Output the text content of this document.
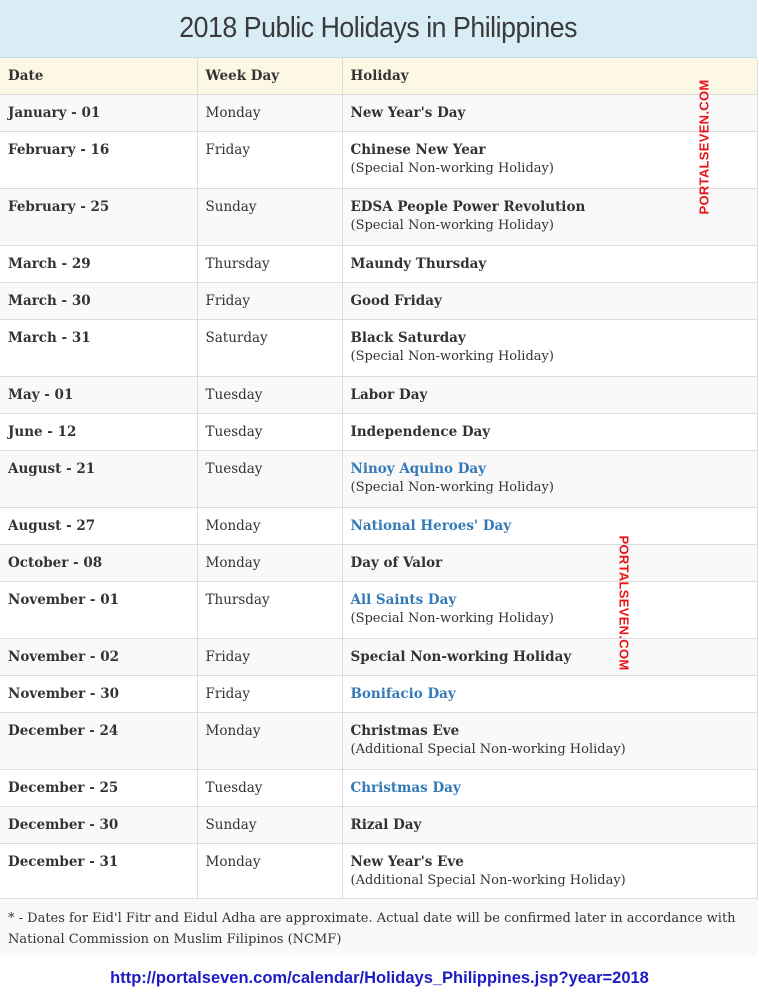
2018 Public Holidays in Philippines
Date	Week Day	Holiday
January - 01	Monday	New Year's Day

February - 16	Friday	Chinese New Year
(Special Non-working Holiday)

February - 25	Sunday	EDSA People Power Revolution
(Special Non-working Holiday)

March - 29	Thursday	Maundy Thursday

March - 30	Friday	Good Friday

March - 31	Saturday	Black Saturday
(Special Non-working Holiday)

May - 01	Tuesday	Labor Day

June - 12	Tuesday	Independence Day

August - 21	Tuesday	Ninoy Aquino Day
(Special Non-working Holiday)

August - 27	Monday	National Heroes' Day

October - 08	Monday	Day of Valor

November - 01	Thursday	All Saints Day
(Special Non-working Holiday)

November - 02	Friday	Special Non-working Holiday

November - 30	Friday	Bonifacio Day

December - 24	Monday	Christmas Eve
(Additional Special Non-working Holiday)

December - 25	Tuesday	Christmas Day

December - 30	Sunday	Rizal Day

December - 31	Monday	New Year's Eve
(Additional Special Non-working Holiday)
* - Dates for Eid'l Fitr and Eidul Adha are approximate. Actual date will be confirmed later in accordance with National Commission on Muslim Filipinos (NCMF)
PORTALSEVEN.COM
PORTALSEVEN.COM
http://portalseven.com/calendar/Holidays_Philippines.jsp?year=2018
